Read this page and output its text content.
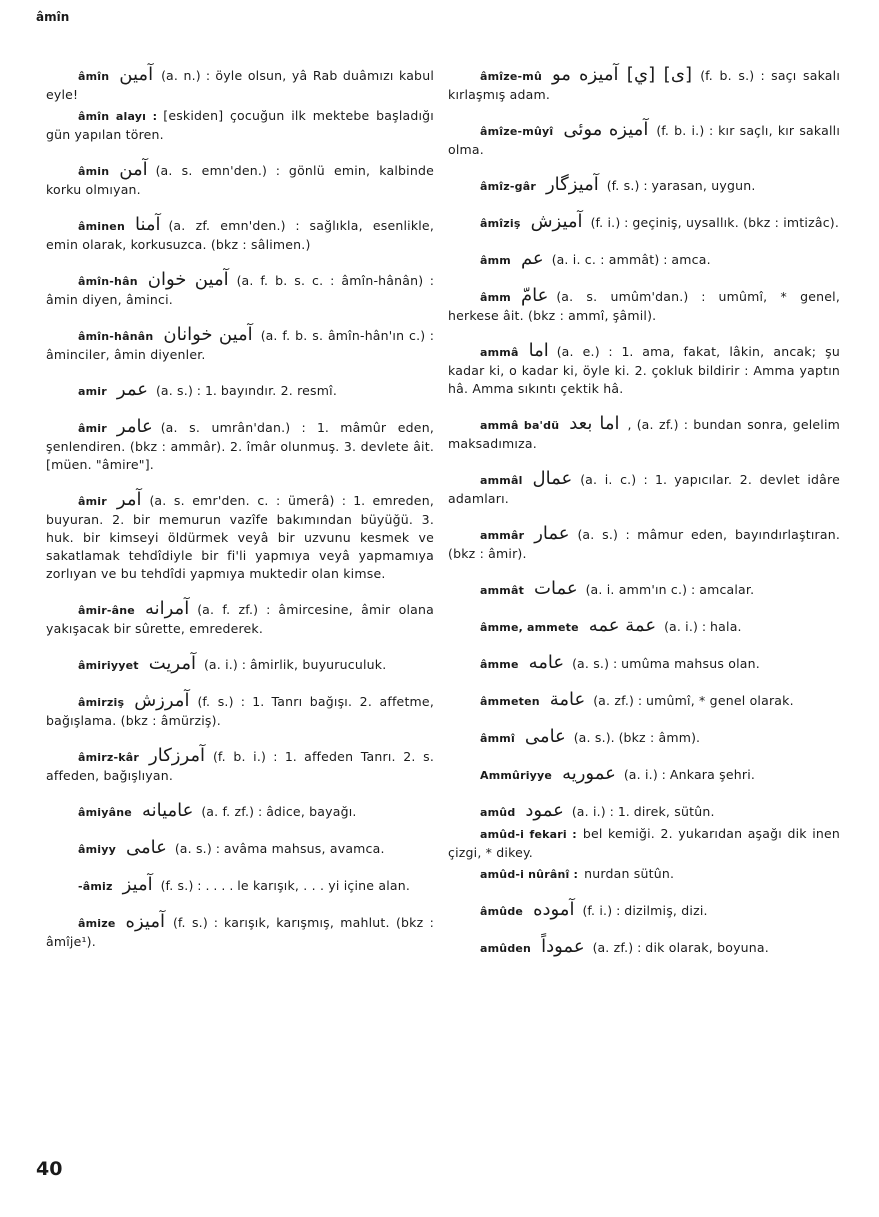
âmîn
âmîn آمين (a. n.) : öyle olsun, yâ Rab duâmızı kabul eyle!
âmîn alayı : [eskiden] çocuğun ilk mektebe başladığı gün yapılan tören.
âmin آمن (a. s. emn'den.) : gönlü emin, kalbinde korku olmıyan.
âminen آمنا (a. zf. emn'den.) : sağlıkla, esenlikle, emin olarak, korkusuzca. (bkz : sâlimen.)
âmîn-hân آمين خوان (a. f. b. s. c. : âmîn-hânân) : âmin diyen, âminci.
âmîn-hânân آمين خوانان (a. f. b. s. âmîn-hân'ın c.) : âminciler, âmin diyenler.
amir عمر (a. s.) : 1. bayındır. 2. resmî.
âmir عامر (a. s. umrân'dan.) : 1. mâmûr eden, şenlendiren. (bkz : ammâr). 2. îmâr olunmuş. 3. devlete âit. [müen. "âmire"].
âmir آمر (a. s. emr'den. c. : ümerâ) : 1. emreden, buyuran. 2. bir memurun vazîfe bakımından büyüğü. 3. huk. bir kimseyi öldürmek veyâ bir uzvunu kesmek ve sakatlamak tehdîdiyle bir fi'li yapmıya veyâ yapmamıya zorlıyan ve bu tehdîdi yapmıya muktedir olan kimse.
âmir-âne آمرانه (a. f. zf.) : âmircesine, âmir olana yakışacak bir sûrette, emrederek.
âmiriyyet آمريت (a. i.) : âmirlik, buyuruculuk.
âmirziş آمرزش (f. s.) : 1. Tanrı bağışı. 2. affetme, bağışlama. (bkz : âmürziş).
âmirz-kâr آمرزكار (f. b. i.) : 1. affeden Tanrı. 2. s. affeden, bağışlıyan.
âmiyâne عاميانه (a. f. zf.) : âdice, bayağı.
âmiyy عامى (a. s.) : avâma mahsus, avamca.
-âmiz آميز (f. s.) : . . . . le karışık, . . . yi içine alan.
âmize آميزه (f. s.) : karışık, karışmış, mahlut. (bkz : âmîje¹).
âmîze-mû [ى] [ي] آميزه مو (f. b. s.) : saçı sakalı kırlaşmış adam.
âmîze-mûyî آميزه موئى (f. b. i.) : kır saçlı, kır sakallı olma.
âmîz-gâr آميزگار (f. s.) : yarasan, uygun.
âmîziş آميزش (f. i.) : geçiniş, uysallık. (bkz : imtizâc).
âmm عم (a. i. c. : ammât) : amca.
âmm عامّ (a. s. umûm'dan.) : umûmî, * genel, herkese âit. (bkz : ammî, şâmil).
ammâ اما (a. e.) : 1. ama, fakat, lâkin, ancak; şu kadar ki, o kadar ki, öyle ki. 2. çokluk bildirir : Amma yaptın hâ. Amma sıkıntı çektik hâ.
ammâ ba'dü اما بعد , (a. zf.) : bundan sonra, gelelim maksadımıza.
ammâl عمال (a. i. c.) : 1. yapıcılar. 2. devlet idâre adamları.
ammâr عمار (a. s.) : mâmur eden, bayındırlaştıran. (bkz : âmir).
ammât عمات (a. i. amm'ın c.) : amcalar.
âmme, ammete عمة عمه (a. i.) : hala.
âmme عامه (a. s.) : umûma mahsus olan.
âmmeten عامة (a. zf.) : umûmî, * genel olarak.
âmmî عامى (a. s.). (bkz : âmm).
Ammûriyye عموريه (a. i.) : Ankara şehri.
amûd عمود (a. i.) : 1. direk, sütûn.
amûd-i fekari : bel kemiği. 2. yukarıdan aşağı dik inen çizgi, * dikey.
amûd-i nûrânî : nurdan sütûn.
âmûde آموده (f. i.) : dizilmiş, dizi.
amûden عموداً (a. zf.) : dik olarak, boyuna.
40
